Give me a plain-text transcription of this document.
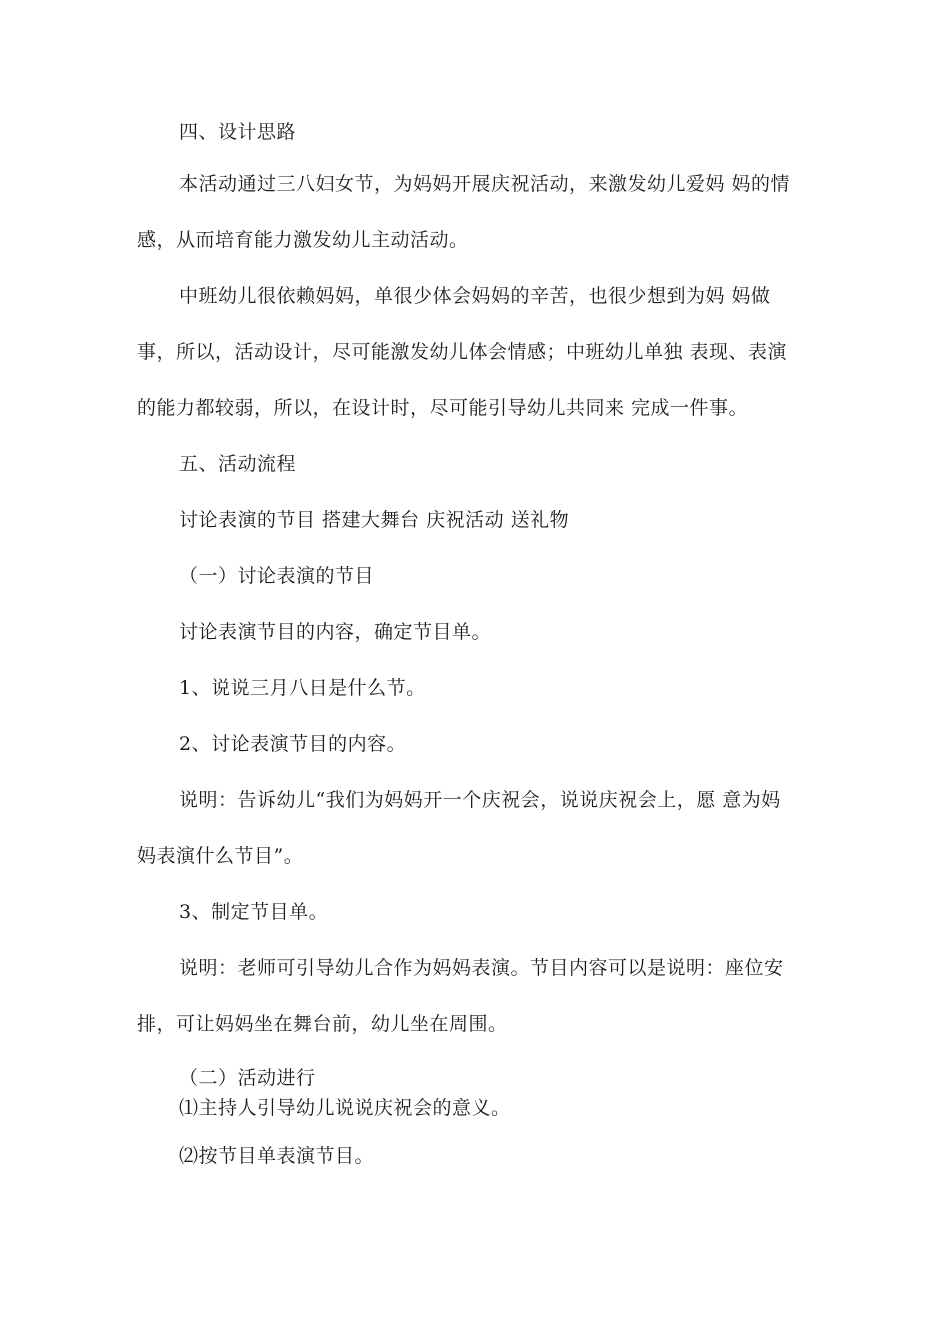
四、设计思路
本活动通过三八妇女节，为妈妈开展庆祝活动，来激发幼儿爱妈 妈的情
感，从而培育能力激发幼儿主动活动。
中班幼儿很依赖妈妈，单很少体会妈妈的辛苦，也很少想到为妈 妈做
事，所以，活动设计，尽可能激发幼儿体会情感；中班幼儿单独 表现、表演
的能力都较弱，所以，在设计时，尽可能引导幼儿共同来 完成一件事。
五、活动流程
讨论表演的节目 搭建大舞台 庆祝活动 送礼物
（一）讨论表演的节目
讨论表演节目的内容，确定节目单。
1、说说三月八日是什么节。
2、讨论表演节目的内容。
说明：告诉幼儿“我们为妈妈开一个庆祝会，说说庆祝会上，愿 意为妈
妈表演什么节目”。
3、制定节目单。
说明：老师可引导幼儿合作为妈妈表演。节目内容可以是说明：座位安
排，可让妈妈坐在舞台前，幼儿坐在周围。
（二）活动进行
⑴主持人引导幼儿说说庆祝会的意义。
⑵按节目单表演节目。
